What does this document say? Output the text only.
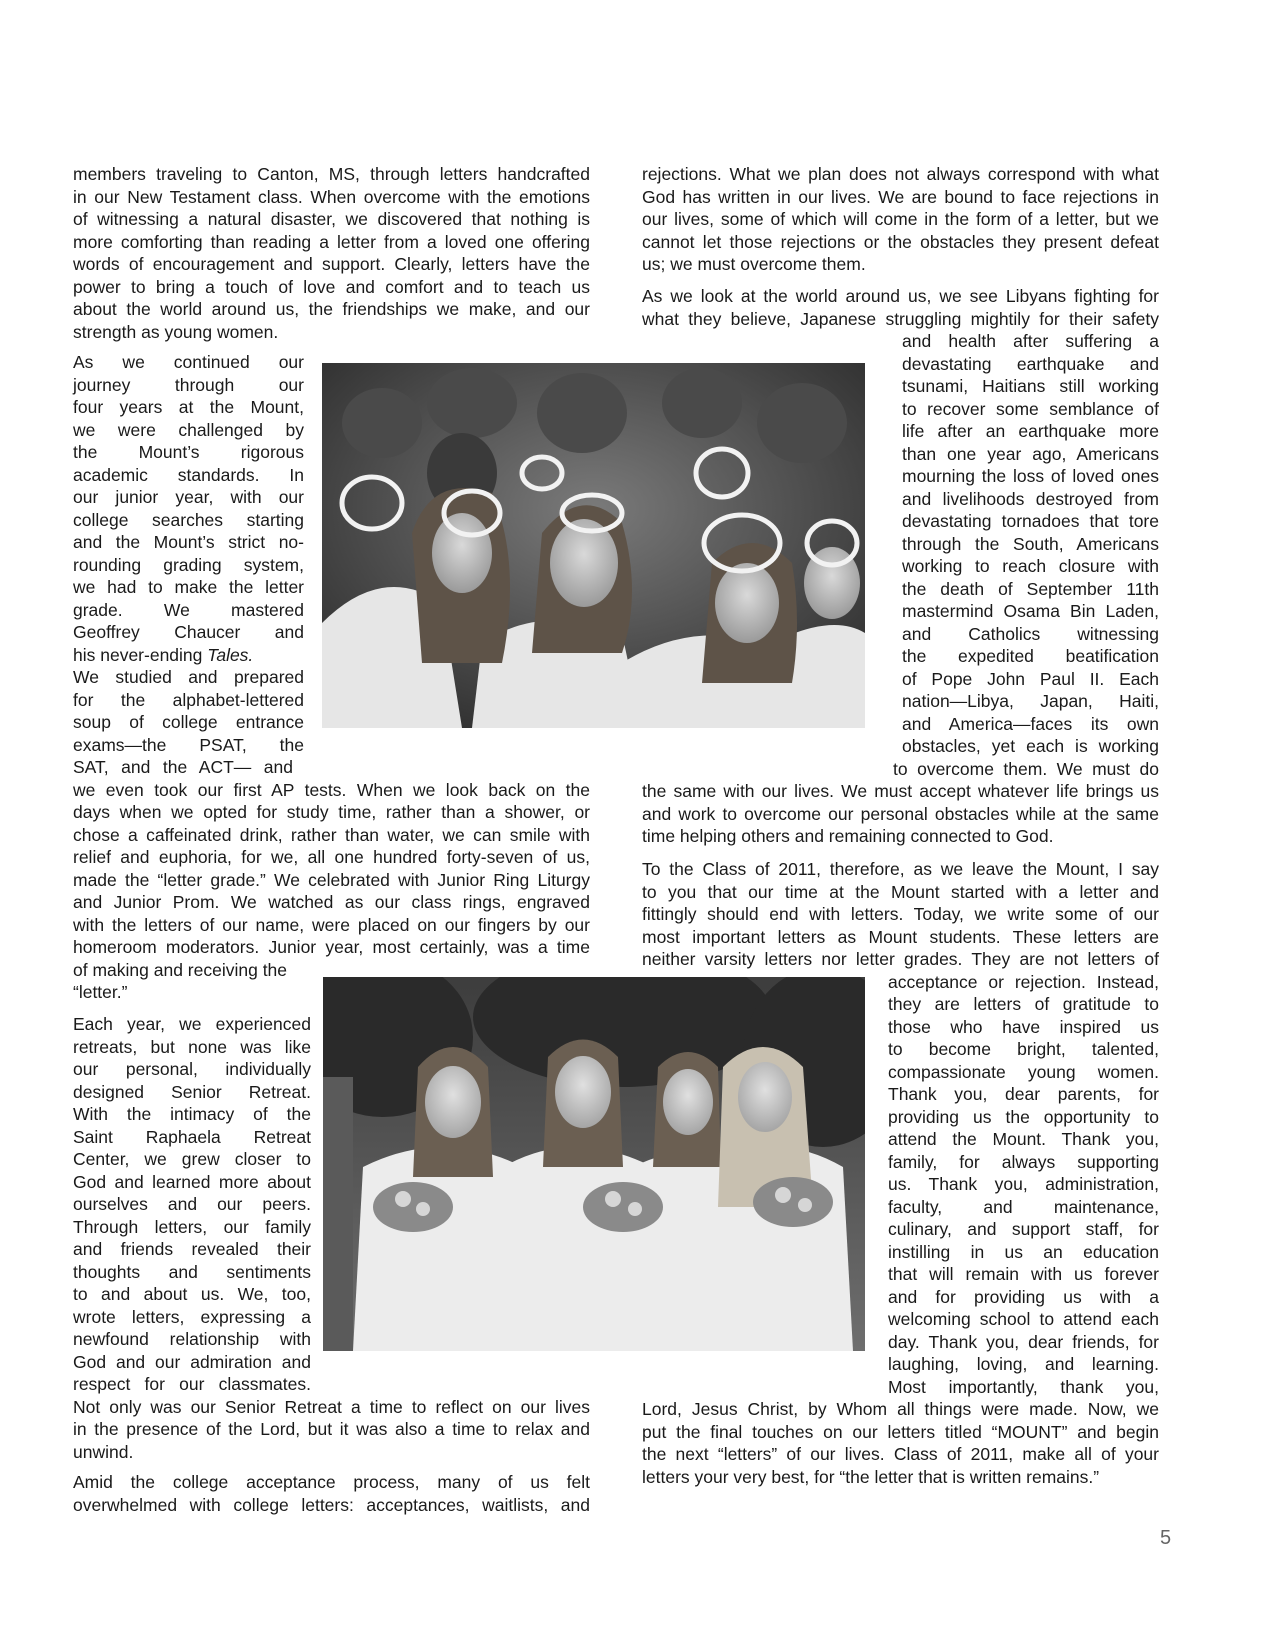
members traveling to Canton, MS, through letters handcrafted
in our New Testament class. When overcome with the emotions
of witnessing a natural disaster, we discovered that nothing is
more comforting than reading a letter from a loved one offering
words of encouragement and support. Clearly, letters have the
power to bring a touch of love and comfort and to teach us
about the world around us, the friendships we make, and our
strength as young women.
As we continued our
journey through our
four years at the Mount,
we were challenged by
the Mount’s rigorous
academic standards. In
our junior year, with our
college searches starting
and the Mount’s strict no-
rounding grading system,
we had to make the letter
grade. We mastered
Geoffrey Chaucer and
his never-ending Tales.
We studied and prepared
for the alphabet-lettered
soup of college entrance
exams—the PSAT, the
SAT, and the ACT— and
we even took our first AP tests. When we look back on the
days when we opted for study time, rather than a shower, or
chose a caffeinated drink, rather than water, we can smile with
relief and euphoria, for we, all one hundred forty-seven of us,
made the “letter grade.” We celebrated with Junior Ring Liturgy
and Junior Prom. We watched as our class rings, engraved
with the letters of our name, were placed on our fingers by our
homeroom moderators. Junior year, most certainly, was a time
of making and receiving the
“letter.”
Each year, we experienced
retreats, but none was like
our personal, individually
designed Senior Retreat.
With the intimacy of the
Saint Raphaela Retreat
Center, we grew closer to
God and learned more about
ourselves and our peers.
Through letters, our family
and friends revealed their
thoughts and sentiments
to and about us. We, too,
wrote letters, expressing a
newfound relationship with
God and our admiration and
respect for our classmates.
Not only was our Senior Retreat a time to reflect on our lives
in the presence of the Lord, but it was also a time to relax and
unwind.
Amid the college acceptance process, many of us felt
overwhelmed with college letters: acceptances, waitlists, and
rejections. What we plan does not always correspond with what
God has written in our lives. We are bound to face rejections in
our lives, some of which will come in the form of a letter, but we
cannot let those rejections or the obstacles they present defeat
us; we must overcome them.
As we look at the world around us, we see Libyans fighting for
what they believe, Japanese struggling mightily for their safety
and health after suffering a
devastating earthquake and
tsunami, Haitians still working
to recover some semblance of
life after an earthquake more
than one year ago, Americans
mourning the loss of loved ones
and livelihoods destroyed from
devastating tornadoes that tore
through the South, Americans
working to reach closure with
the death of September 11th
mastermind Osama Bin Laden,
and Catholics witnessing
the expedited beatification
of Pope John Paul II. Each
nation—Libya, Japan, Haiti,
and America—faces its own
obstacles, yet each is working
to overcome them. We must do
the same with our lives. We must accept whatever life brings us
and work to overcome our personal obstacles while at the same
time helping others and remaining connected to God.
To the Class of 2011, therefore, as we leave the Mount, I say
to you that our time at the Mount started with a letter and
fittingly should end with letters. Today, we write some of our
most important letters as Mount students. These letters are
neither varsity letters nor letter grades. They are not letters of
acceptance or rejection. Instead,
they are letters of gratitude to
those who have inspired us
to become bright, talented,
compassionate young women.
Thank you, dear parents, for
providing us the opportunity to
attend the Mount. Thank you,
family, for always supporting
us. Thank you, administration,
faculty, and maintenance,
culinary, and support staff, for
instilling in us an education
that will remain with us forever
and for providing us with a
welcoming school to attend each
day. Thank you, dear friends, for
laughing, loving, and learning.
Most importantly, thank you,
Lord, Jesus Christ, by Whom all things were made. Now, we
put the final touches on our letters titled “MOUNT” and begin
the next “letters” of our lives. Class of 2011, make all of your
letters your very best, for “the letter that is written remains.”
5
